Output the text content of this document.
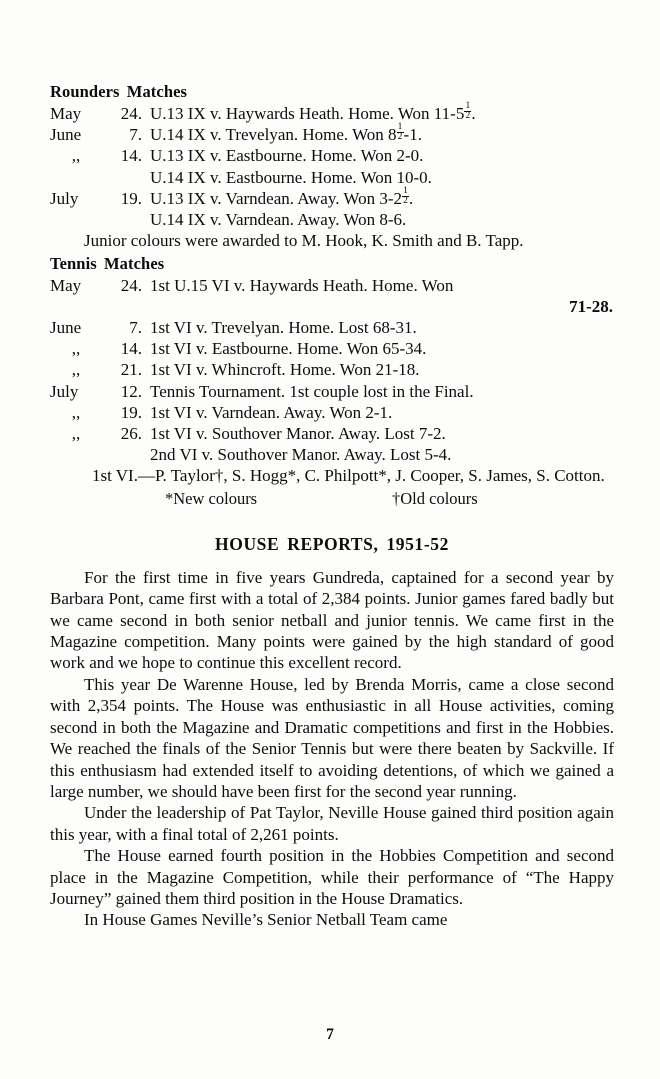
Rounders Matches
May	24. U.13 IX v. Haywards Heath. Home. Won $11-5 \frac{1}{2}$ .
June	7. U.14 IX v. Trevelyan. Home. Won $8 \frac{1}{2} -1$.
,,	14. U.13 IX v. Eastbourne. Home. Won 2-0.
U.14 IX v. Eastbourne. Home. Won 10-0.
July	19. U.13 IX v. Varndean. Away. Won $3-2 \frac{1}{2}$ .
U.14 IX v. Varndean. Away. Won 8-6.

Junior colours were awarded to M. Hook, K. Smith and B. Tapp.

Tennis Matches
May	24. 1st U.15 VI v. Haywards Heath. Home. Won
71-28.
June	7. 1st VI v. Trevelyan. Home. Lost 68-31.
,,	14. 1st VI v. Eastbourne. Home. Won 65-34.
,,	21. 1st VI v. Whincroft. Home. Won 21-18.
July	12. Tennis Tournament. 1st couple lost in the Final.
,,	19. 1st VI v. Varndean. Away. Won 2-1.
,,	26. 1st VI v. Southover Manor. Away. Lost 7-2.
2nd VI v. Southover Manor. Away. Lost 5-4.

1st VI.—P. Taylor†, S. Hogg*, C. Philpott*, J. Cooper, S. James, S. Cotton.

*New colours	†Old colours
HOUSE REPORTS, 1951-52

For the first time in five years Gundreda, captained for a second year by Barbara Pont, came first with a total of 2,384 points. Junior games fared badly but we came second in both senior netball and junior tennis. We came first in the Magazine competition. Many points were gained by the high standard of good work and we hope to continue this excellent record.

This year De Warenne House, led by Brenda Morris, came a close second with 2,354 points. The House was enthusiastic in all House activities, coming second in both the Magazine and Dramatic competitions and first in the Hobbies. We reached the finals of the Senior Tennis but were there beaten by Sackville. If this enthusiasm had extended itself to avoiding detentions, of which we gained a large number, we should have been first for the second year running.

Under the leadership of Pat Taylor, Neville House gained third position again this year, with a final total of 2,261 points.

The House earned fourth position in the Hobbies Competition and second place in the Magazine Competition, while their performance of “The Happy Journey” gained them third position in the House Dramatics.

In House Games Neville’s Senior Netball Team came

7
